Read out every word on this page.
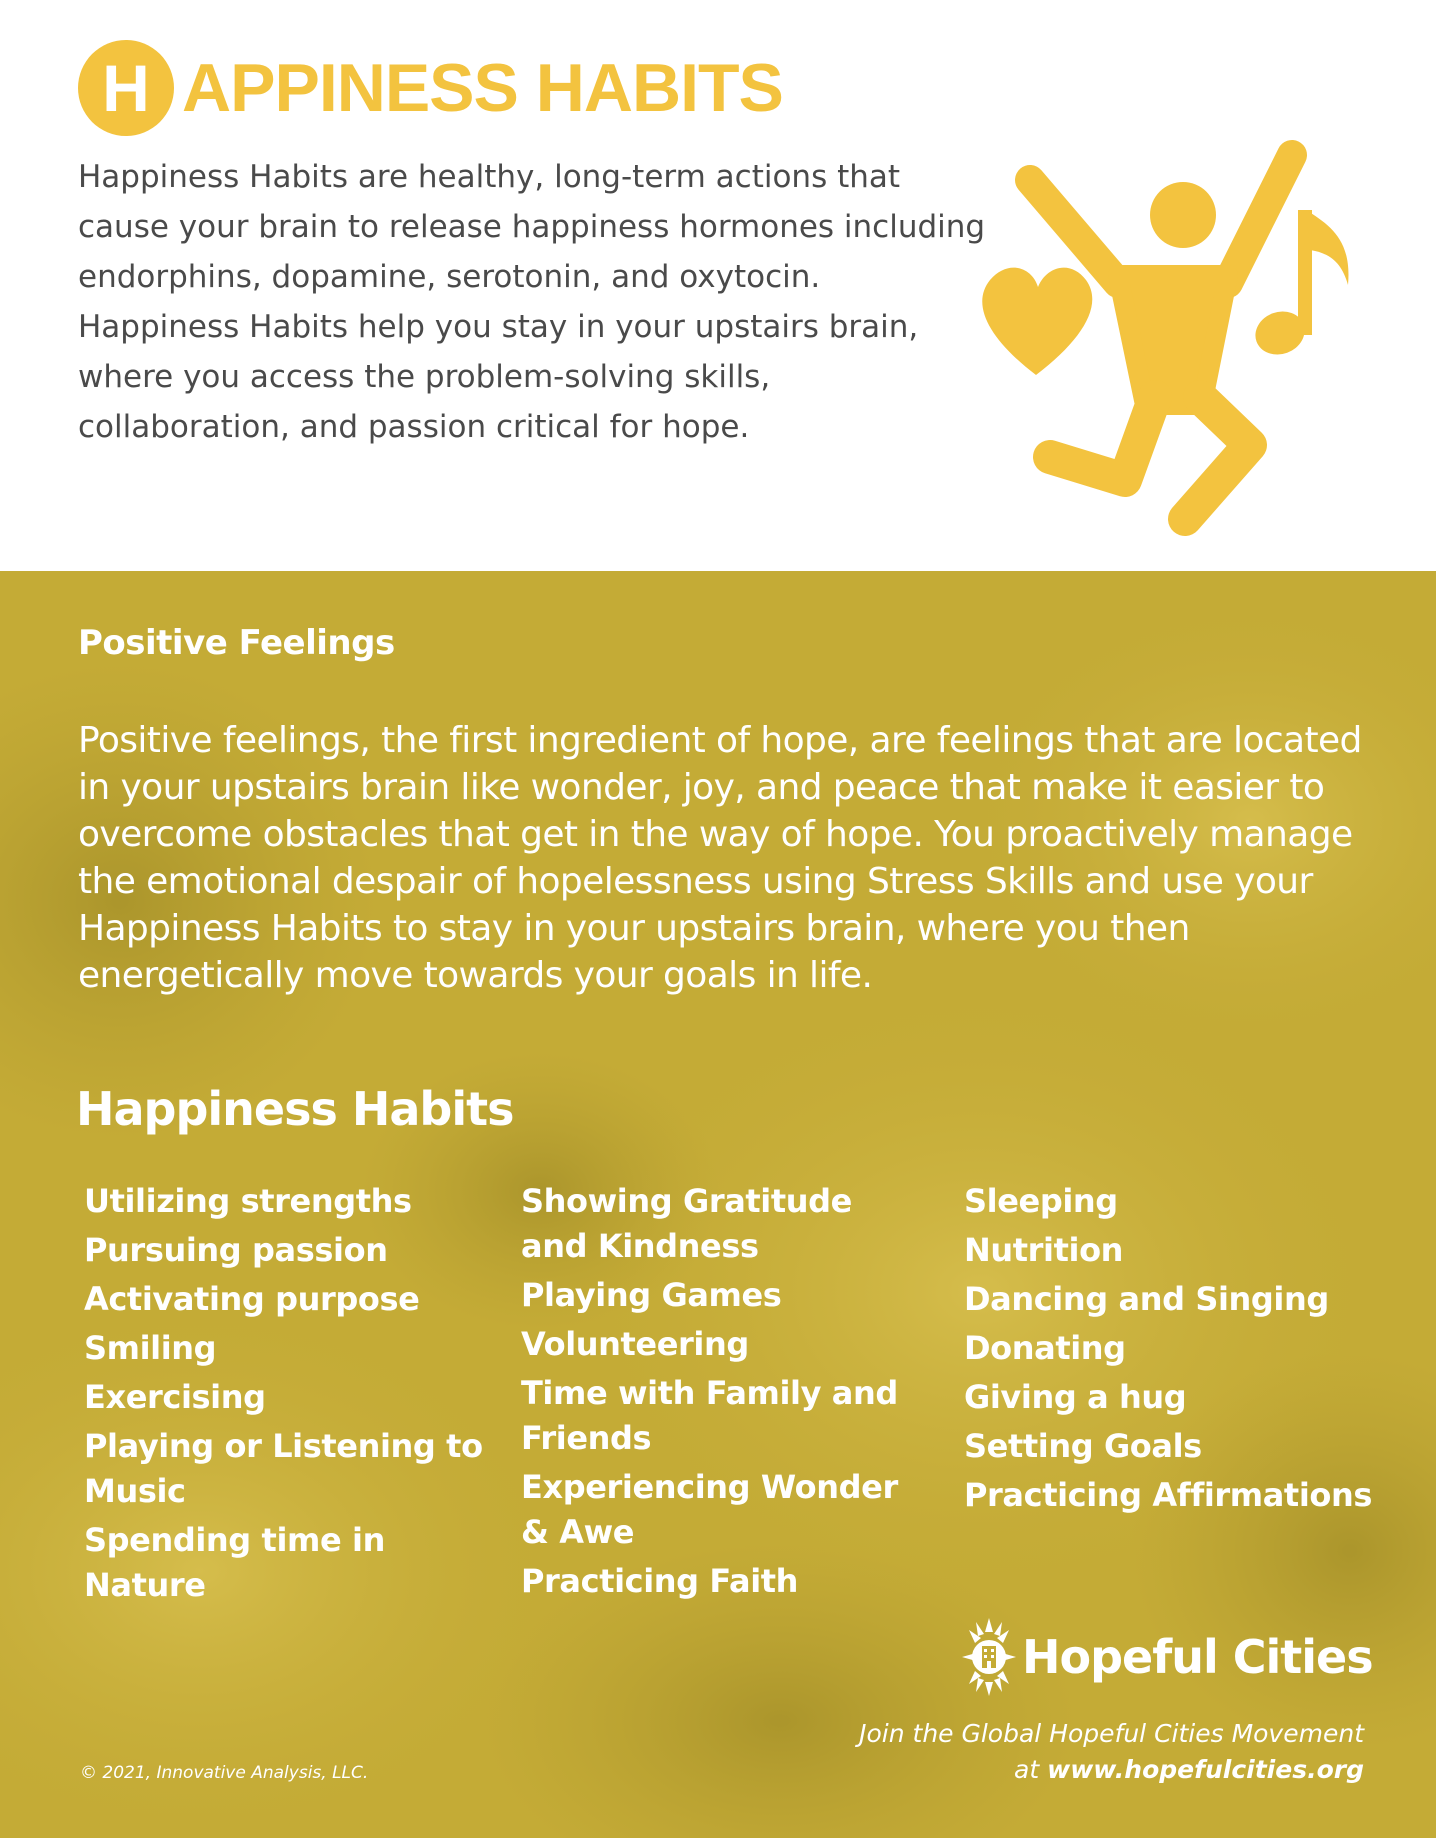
H APPINESS HABITS

Happiness Habits are healthy, long-term actions that cause your brain to release happiness hormones including endorphins, dopamine, serotonin, and oxytocin. Happiness Habits help you stay in your upstairs brain, where you access the problem-solving skills, collaboration, and passion critical for hope.

Positive Feelings

Positive feelings, the first ingredient of hope, are feelings that are located in your upstairs brain like wonder, joy, and peace that make it easier to overcome obstacles that get in the way of hope. You proactively manage the emotional despair of hopelessness using Stress Skills and use your Happiness Habits to stay in your upstairs brain, where you then energetically move towards your goals in life.

Happiness Habits
Utilizing strengths
Pursuing passion
Activating purpose
Smiling
Exercising
Playing or Listening to Music
Spending time in Nature
Showing Gratitude and Kindness
Playing Games
Volunteering
Time with Family and Friends
Experiencing Wonder & Awe
Practicing Faith
Sleeping
Nutrition
Dancing and Singing
Donating
Giving a hug
Setting Goals
Practicing Affirmations
Hopeful Cities
Join the Global Hopeful Cities Movement
at www.hopefulcities.org
© 2021, Innovative Analysis, LLC.
